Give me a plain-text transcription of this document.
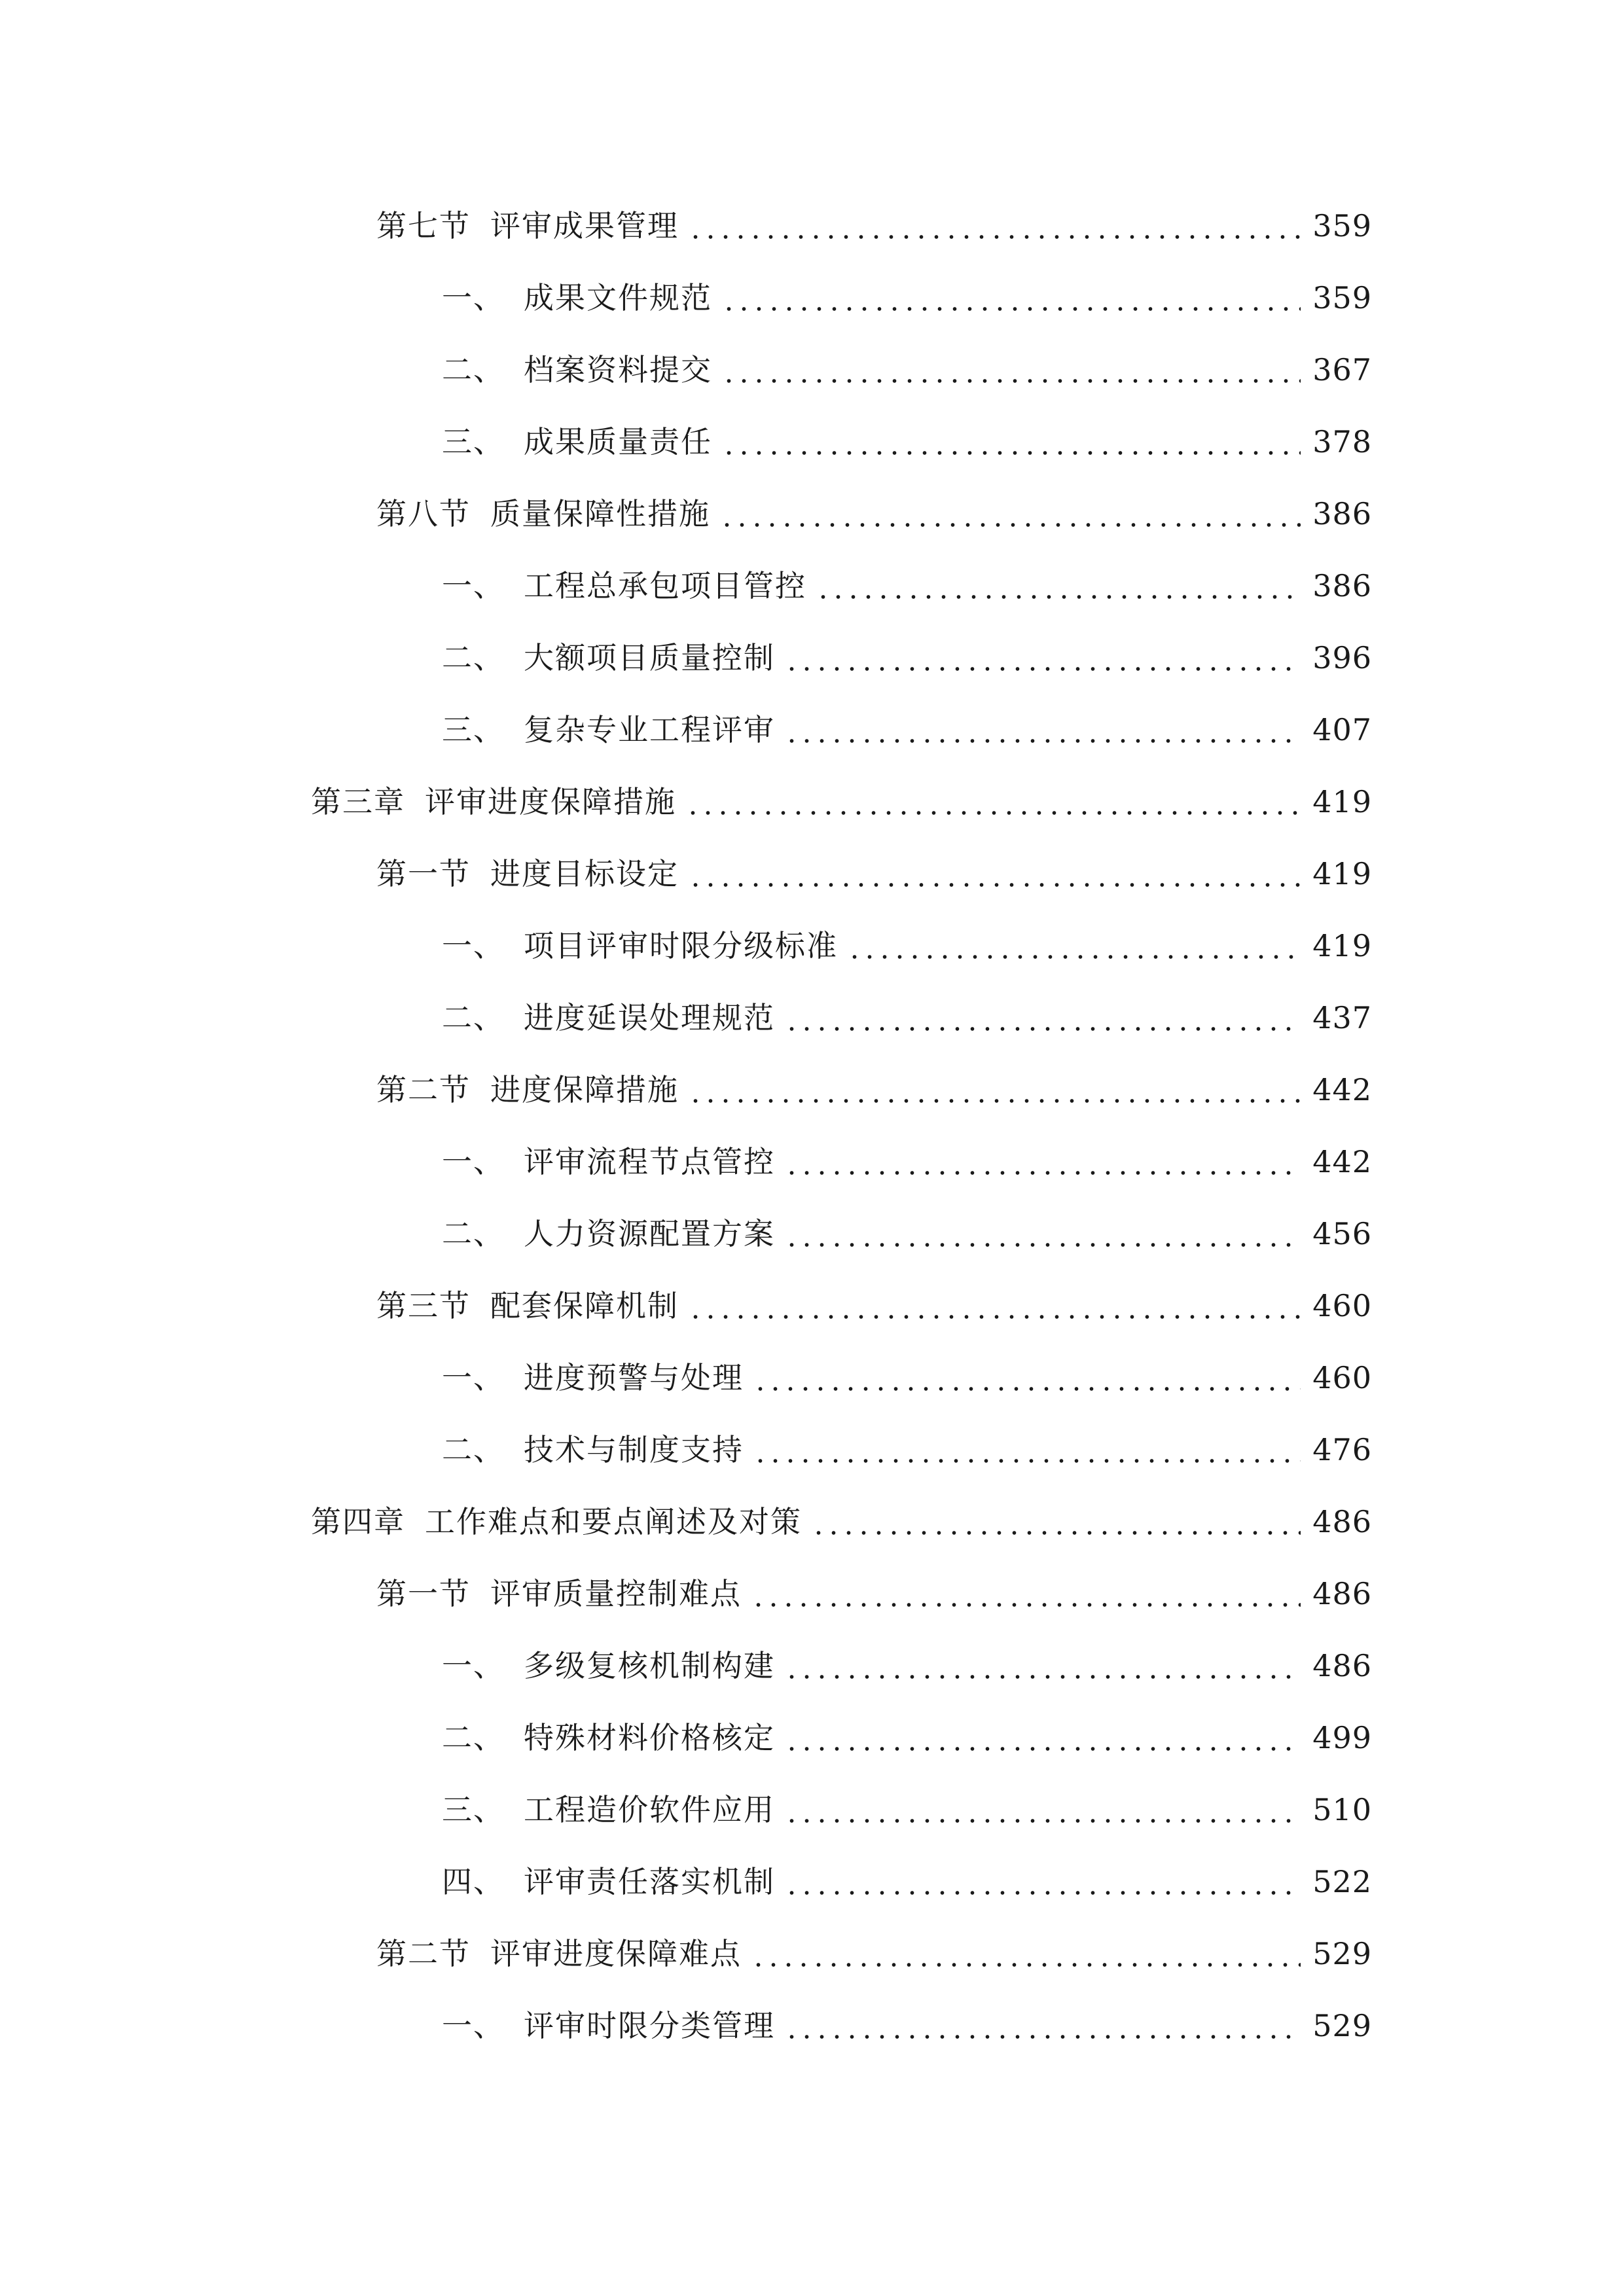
第七节 评审成果管理	359
一、 成果文件规范	359
二、 档案资料提交	367
三、 成果质量责任	378
第八节 质量保障性措施	386
一、 工程总承包项目管控	386
二、 大额项目质量控制	396
三、 复杂专业工程评审	407
第三章 评审进度保障措施	419
第一节 进度目标设定	419
一、 项目评审时限分级标准	419
二、 进度延误处理规范	437
第二节 进度保障措施	442
一、 评审流程节点管控	442
二、 人力资源配置方案	456
第三节 配套保障机制	460
一、 进度预警与处理	460
二、 技术与制度支持	476
第四章 工作难点和要点阐述及对策	486
第一节 评审质量控制难点	486
一、 多级复核机制构建	486
二、 特殊材料价格核定	499
三、 工程造价软件应用	510
四、 评审责任落实机制	522
第二节 评审进度保障难点	529
一、 评审时限分类管理	529
